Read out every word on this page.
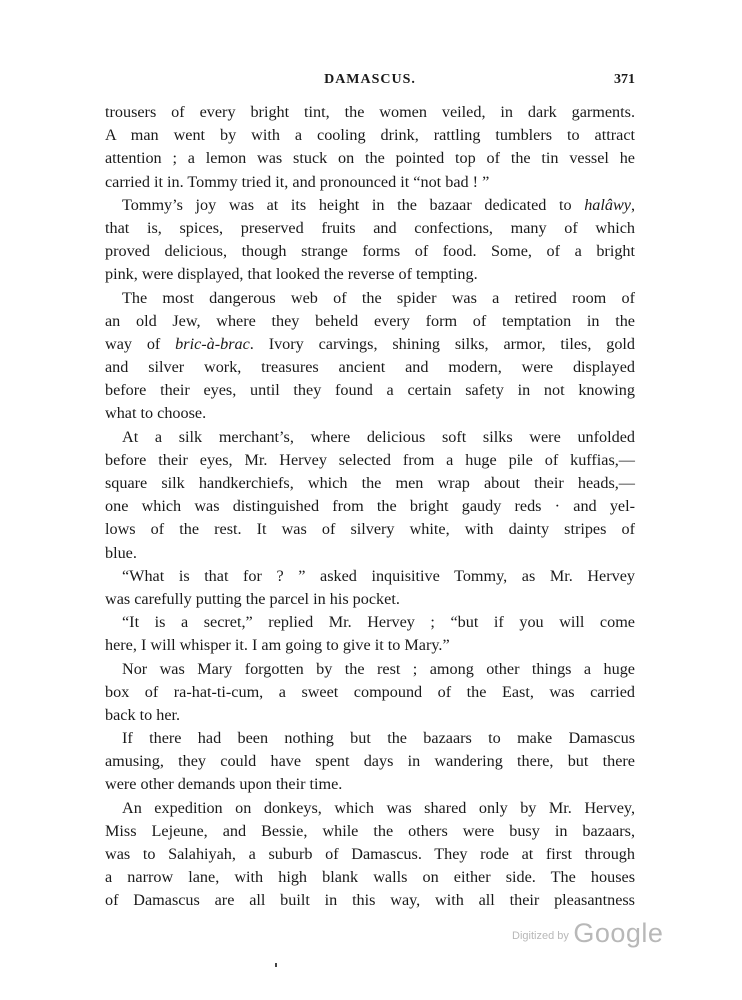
DAMASCUS.	371
trousers of every bright tint, the women veiled, in dark garments.
A man went by with a cooling drink, rattling tumblers to attract
attention ; a lemon was stuck on the pointed top of the tin vessel he
carried it in. Tommy tried it, and pronounced it “not bad ! ”
Tommy’s joy was at its height in the bazaar dedicated to halâwy,
that is, spices, preserved fruits and confections, many of which
proved delicious, though strange forms of food. Some, of a bright
pink, were displayed, that looked the reverse of tempting.
The most dangerous web of the spider was a retired room of
an old Jew, where they beheld every form of temptation in the
way of bric-à-brac. Ivory carvings, shining silks, armor, tiles, gold
and silver work, treasures ancient and modern, were displayed
before their eyes, until they found a certain safety in not knowing
what to choose.
At a silk merchant’s, where delicious soft silks were unfolded
before their eyes, Mr. Hervey selected from a huge pile of kuffias,—
square silk handkerchiefs, which the men wrap about their heads,—
one which was distinguished from the bright gaudy reds · and yel-
lows of the rest. It was of silvery white, with dainty stripes of
blue.
“What is that for ? ” asked inquisitive Tommy, as Mr. Hervey
was carefully putting the parcel in his pocket.
“It is a secret,” replied Mr. Hervey ; “but if you will come
here, I will whisper it. I am going to give it to Mary.”
Nor was Mary forgotten by the rest ; among other things a huge
box of ra-hat-ti-cum, a sweet compound of the East, was carried
back to her.
If there had been nothing but the bazaars to make Damascus
amusing, they could have spent days in wandering there, but there
were other demands upon their time.
An expedition on donkeys, which was shared only by Mr. Hervey,
Miss Lejeune, and Bessie, while the others were busy in bazaars,
was to Salahiyah, a suburb of Damascus. They rode at first through
a narrow lane, with high blank walls on either side. The houses
of Damascus are all built in this way, with all their pleasantness
Digitized by Google
